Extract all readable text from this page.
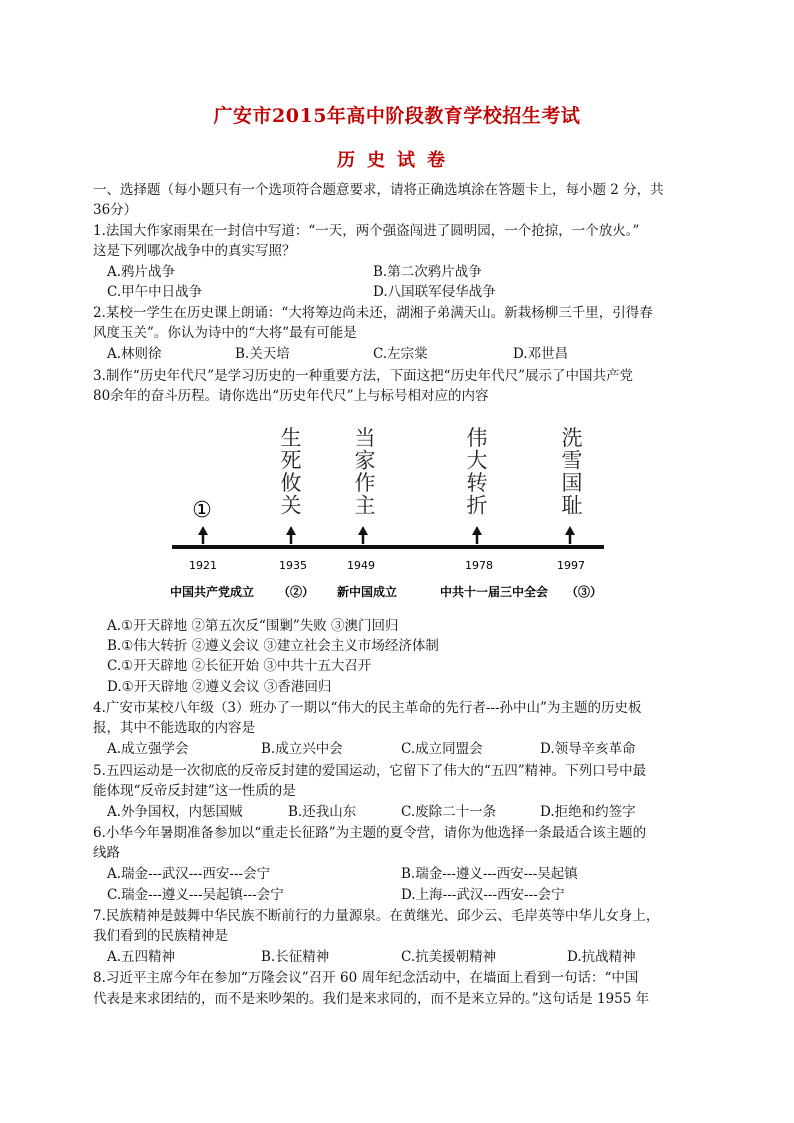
广安市2015年高中阶段教育学校招生考试
历史试卷
一、选择题（每小题只有一个选项符合题意要求，请将正确选填涂在答题卡上，每小题 2 分，共
36分）
1.法国大作家雨果在一封信中写道：“一天，两个强盗闯进了圆明园，一个抢掠，一个放火。”
这是下列哪次战争中的真实写照？
A.鸦片战争	B.第二次鸦片战争
C.甲午中日战争	D.八国联军侵华战争
2.某校一学生在历史课上朗诵：“大将筹边尚未还，湖湘子弟满天山。新栽杨柳三千里，引得春
风度玉关”。你认为诗中的“大将”最有可能是
A.林则徐	B.关天培	C.左宗棠	D.邓世昌
3.制作“历史年代尺”是学习历史的一种重要方法，下面这把“历史年代尺”展示了中国共产党
80余年的奋斗历程。请你选出“历史年代尺”上与标号相对应的内容
①
生
死
攸
关
当
家
作
主
伟
大
转
折
洗
雪
国
耻
1921	1935	1949	1978	1997
中国共产党成立 （②） 新中国成立	中共十一届三中全会 （③）
A.①开天辟地 ②第五次反“围剿”失败 ③澳门回归
B.①伟大转折 ②遵义会议 ③建立社会主义市场经济体制
C.①开天辟地 ②长征开始 ③中共十五大召开
D.①开天辟地 ②遵义会议 ③香港回归
4.广安市某校八年级（3）班办了一期以“伟大的民主革命的先行者---孙中山”为主题的历史板
报，其中不能选取的内容是
A.成立强学会	B.成立兴中会	C.成立同盟会	D.领导辛亥革命
5.五四运动是一次彻底的反帝反封建的爱国运动，它留下了伟大的“五四”精神。下列口号中最
能体现“反帝反封建”这一性质的是
A.外争国权，内惩国贼	B.还我山东	C.废除二十一条	D.拒绝和约签字
6.小华今年暑期准备参加以“重走长征路”为主题的夏令营，请你为他选择一条最适合该主题的
线路
A.瑞金---武汉---西安---会宁	B.瑞金---遵义---西安---吴起镇
C.瑞金---遵义---吴起镇---会宁	D.上海---武汉---西安---会宁
7.民族精神是鼓舞中华民族不断前行的力量源泉。在黄继光、邱少云、毛岸英等中华儿女身上，
我们看到的民族精神是
A.五四精神	B.长征精神	C.抗美援朝精神	D.抗战精神
8.习近平主席今年在参加“万隆会议”召开 60 周年纪念活动中，在墙面上看到一句话：“中国
代表是来求团结的，而不是来吵架的。我们是来求同的，而不是来立异的。”这句话是 1955 年
